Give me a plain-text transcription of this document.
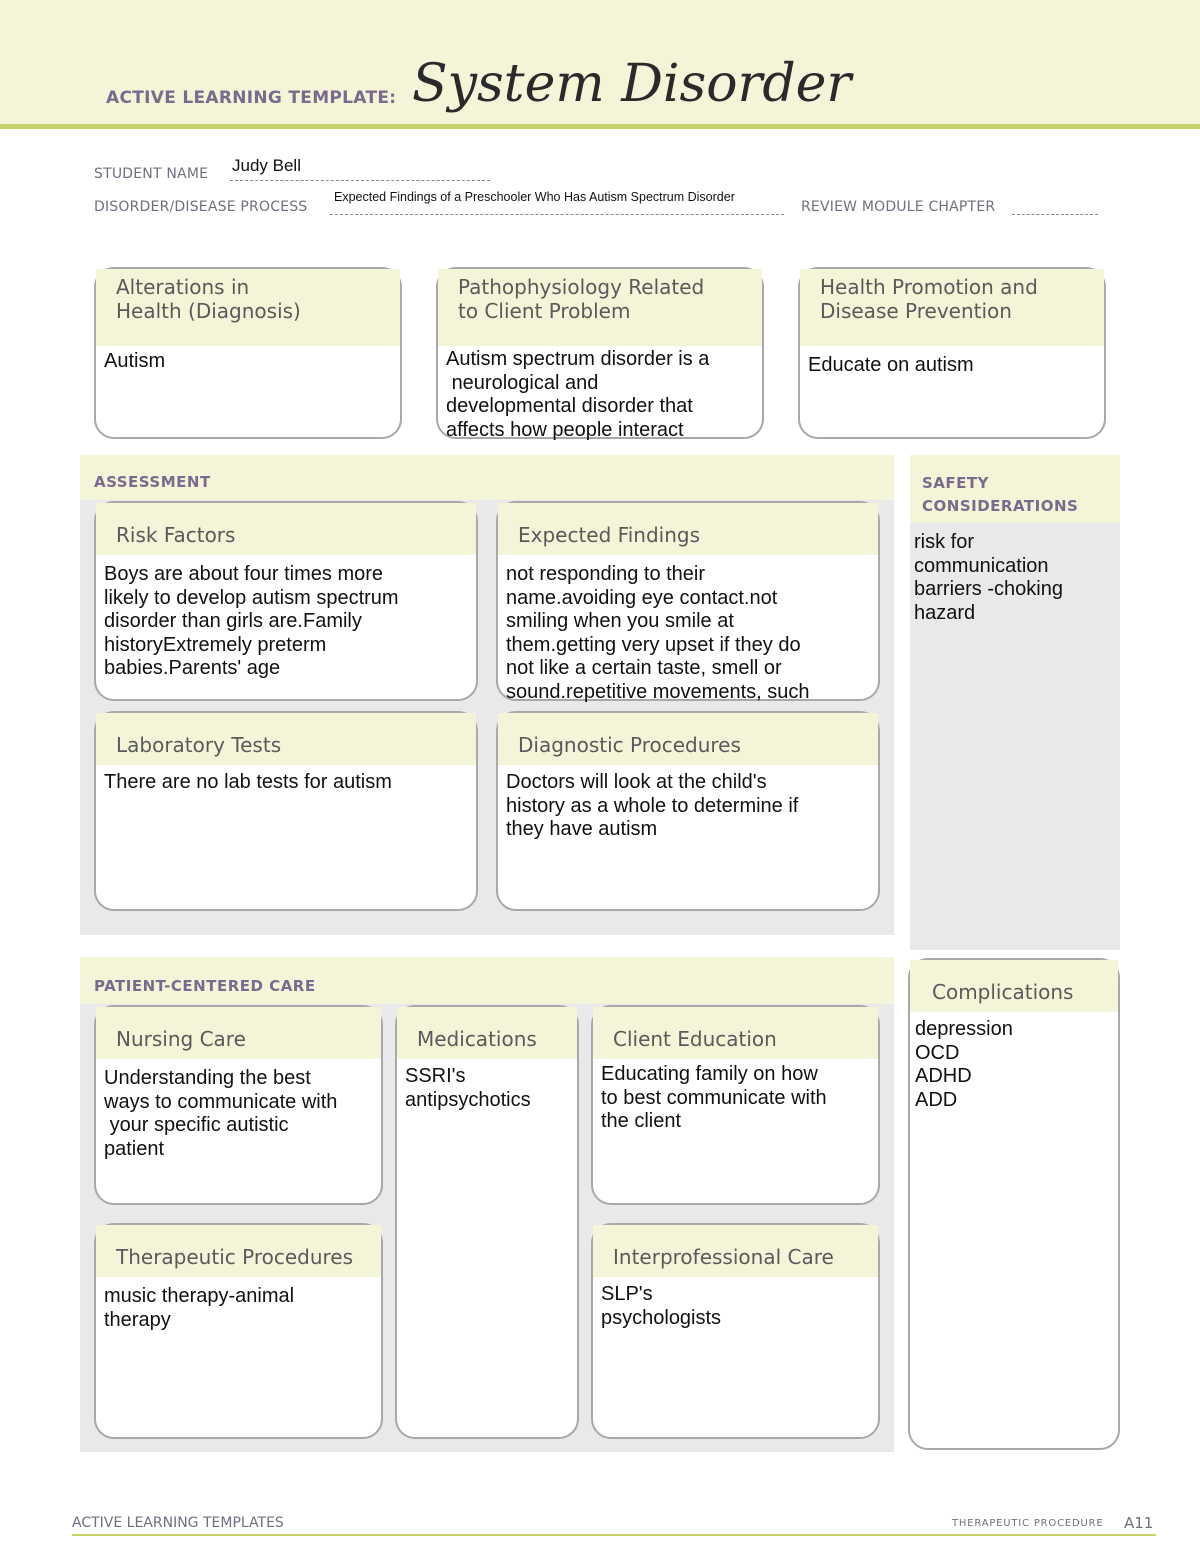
ACTIVE LEARNING TEMPLATE: System Disorder
STUDENT NAME Judy Bell
DISORDER/DISEASE PROCESS
Expected Findings of a Preschooler Who Has Autism Spectrum Disorder
REVIEW MODULE CHAPTER
Alterations in
Health (Diagnosis)
Autism
Pathophysiology Related
to Client Problem
Autism spectrum disorder is a
neurological and
developmental disorder that
affects how people interact
Health Promotion and
Disease Prevention
Educate on autism
ASSESSMENT
Risk Factors
Boys are about four times more
likely to develop autism spectrum
disorder than girls are.Family
historyExtremely preterm
babies.Parents' age
Expected Findings
not responding to their
name.avoiding eye contact.not
smiling when you smile at
them.getting very upset if they do
not like a certain taste, smell or
sound.repetitive movements, such
Laboratory Tests
There are no lab tests for autism
Diagnostic Procedures
Doctors will look at the child's
history as a whole to determine if
they have autism
SAFETY
CONSIDERATIONS
risk for
communication
barriers -choking
hazard
PATIENT-CENTERED CARE
Nursing Care
Understanding the best
ways to communicate with
your specific autistic
patient
Medications
SSRI's
antipsychotics
Client Education
Educating family on how
to best communicate with
the client
Therapeutic Procedures
music therapy-animal
therapy
Interprofessional Care
SLP's
psychologists
Complications
depression
OCD
ADHD
ADD
ACTIVE LEARNING TEMPLATES	THERAPEUTIC PROCEDURE A11
